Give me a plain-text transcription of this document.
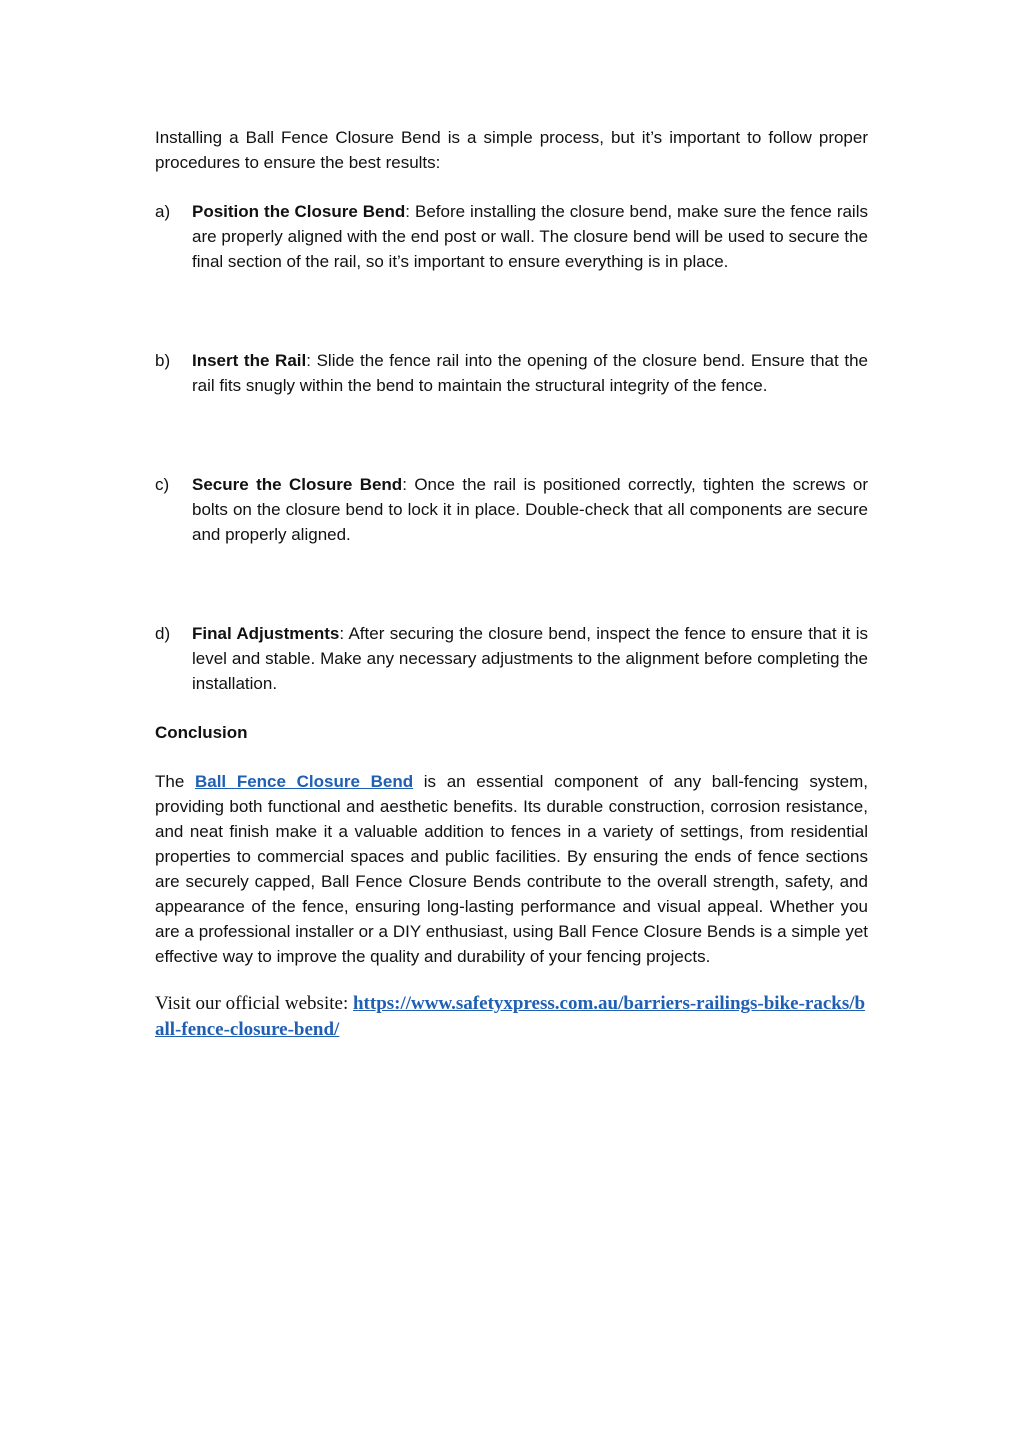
Installing a Ball Fence Closure Bend is a simple process, but it’s important to follow proper procedures to ensure the best results:

a) Position the Closure Bend: Before installing the closure bend, make sure the fence rails are properly aligned with the end post or wall. The closure bend will be used to secure the final section of the rail, so it’s important to ensure everything is in place.
b) Insert the Rail: Slide the fence rail into the opening of the closure bend. Ensure that the rail fits snugly within the bend to maintain the structural integrity of the fence.
c) Secure the Closure Bend: Once the rail is positioned correctly, tighten the screws or bolts on the closure bend to lock it in place. Double-check that all components are secure and properly aligned.
d) Final Adjustments: After securing the closure bend, inspect the fence to ensure that it is level and stable. Make any necessary adjustments to the alignment before completing the installation.
Conclusion

The Ball Fence Closure Bend is an essential component of any ball-fencing system, providing both functional and aesthetic benefits. Its durable construction, corrosion resistance, and neat finish make it a valuable addition to fences in a variety of settings, from residential properties to commercial spaces and public facilities. By ensuring the ends of fence sections are securely capped, Ball Fence Closure Bends contribute to the overall strength, safety, and appearance of the fence, ensuring long-lasting performance and visual appeal. Whether you are a professional installer or a DIY enthusiast, using Ball Fence Closure Bends is a simple yet effective way to improve the quality and durability of your fencing projects.

Visit our official website: https://www.safetyxpress.com.au/barriers-railings-bike-racks/ball-fence-closure-bend/
